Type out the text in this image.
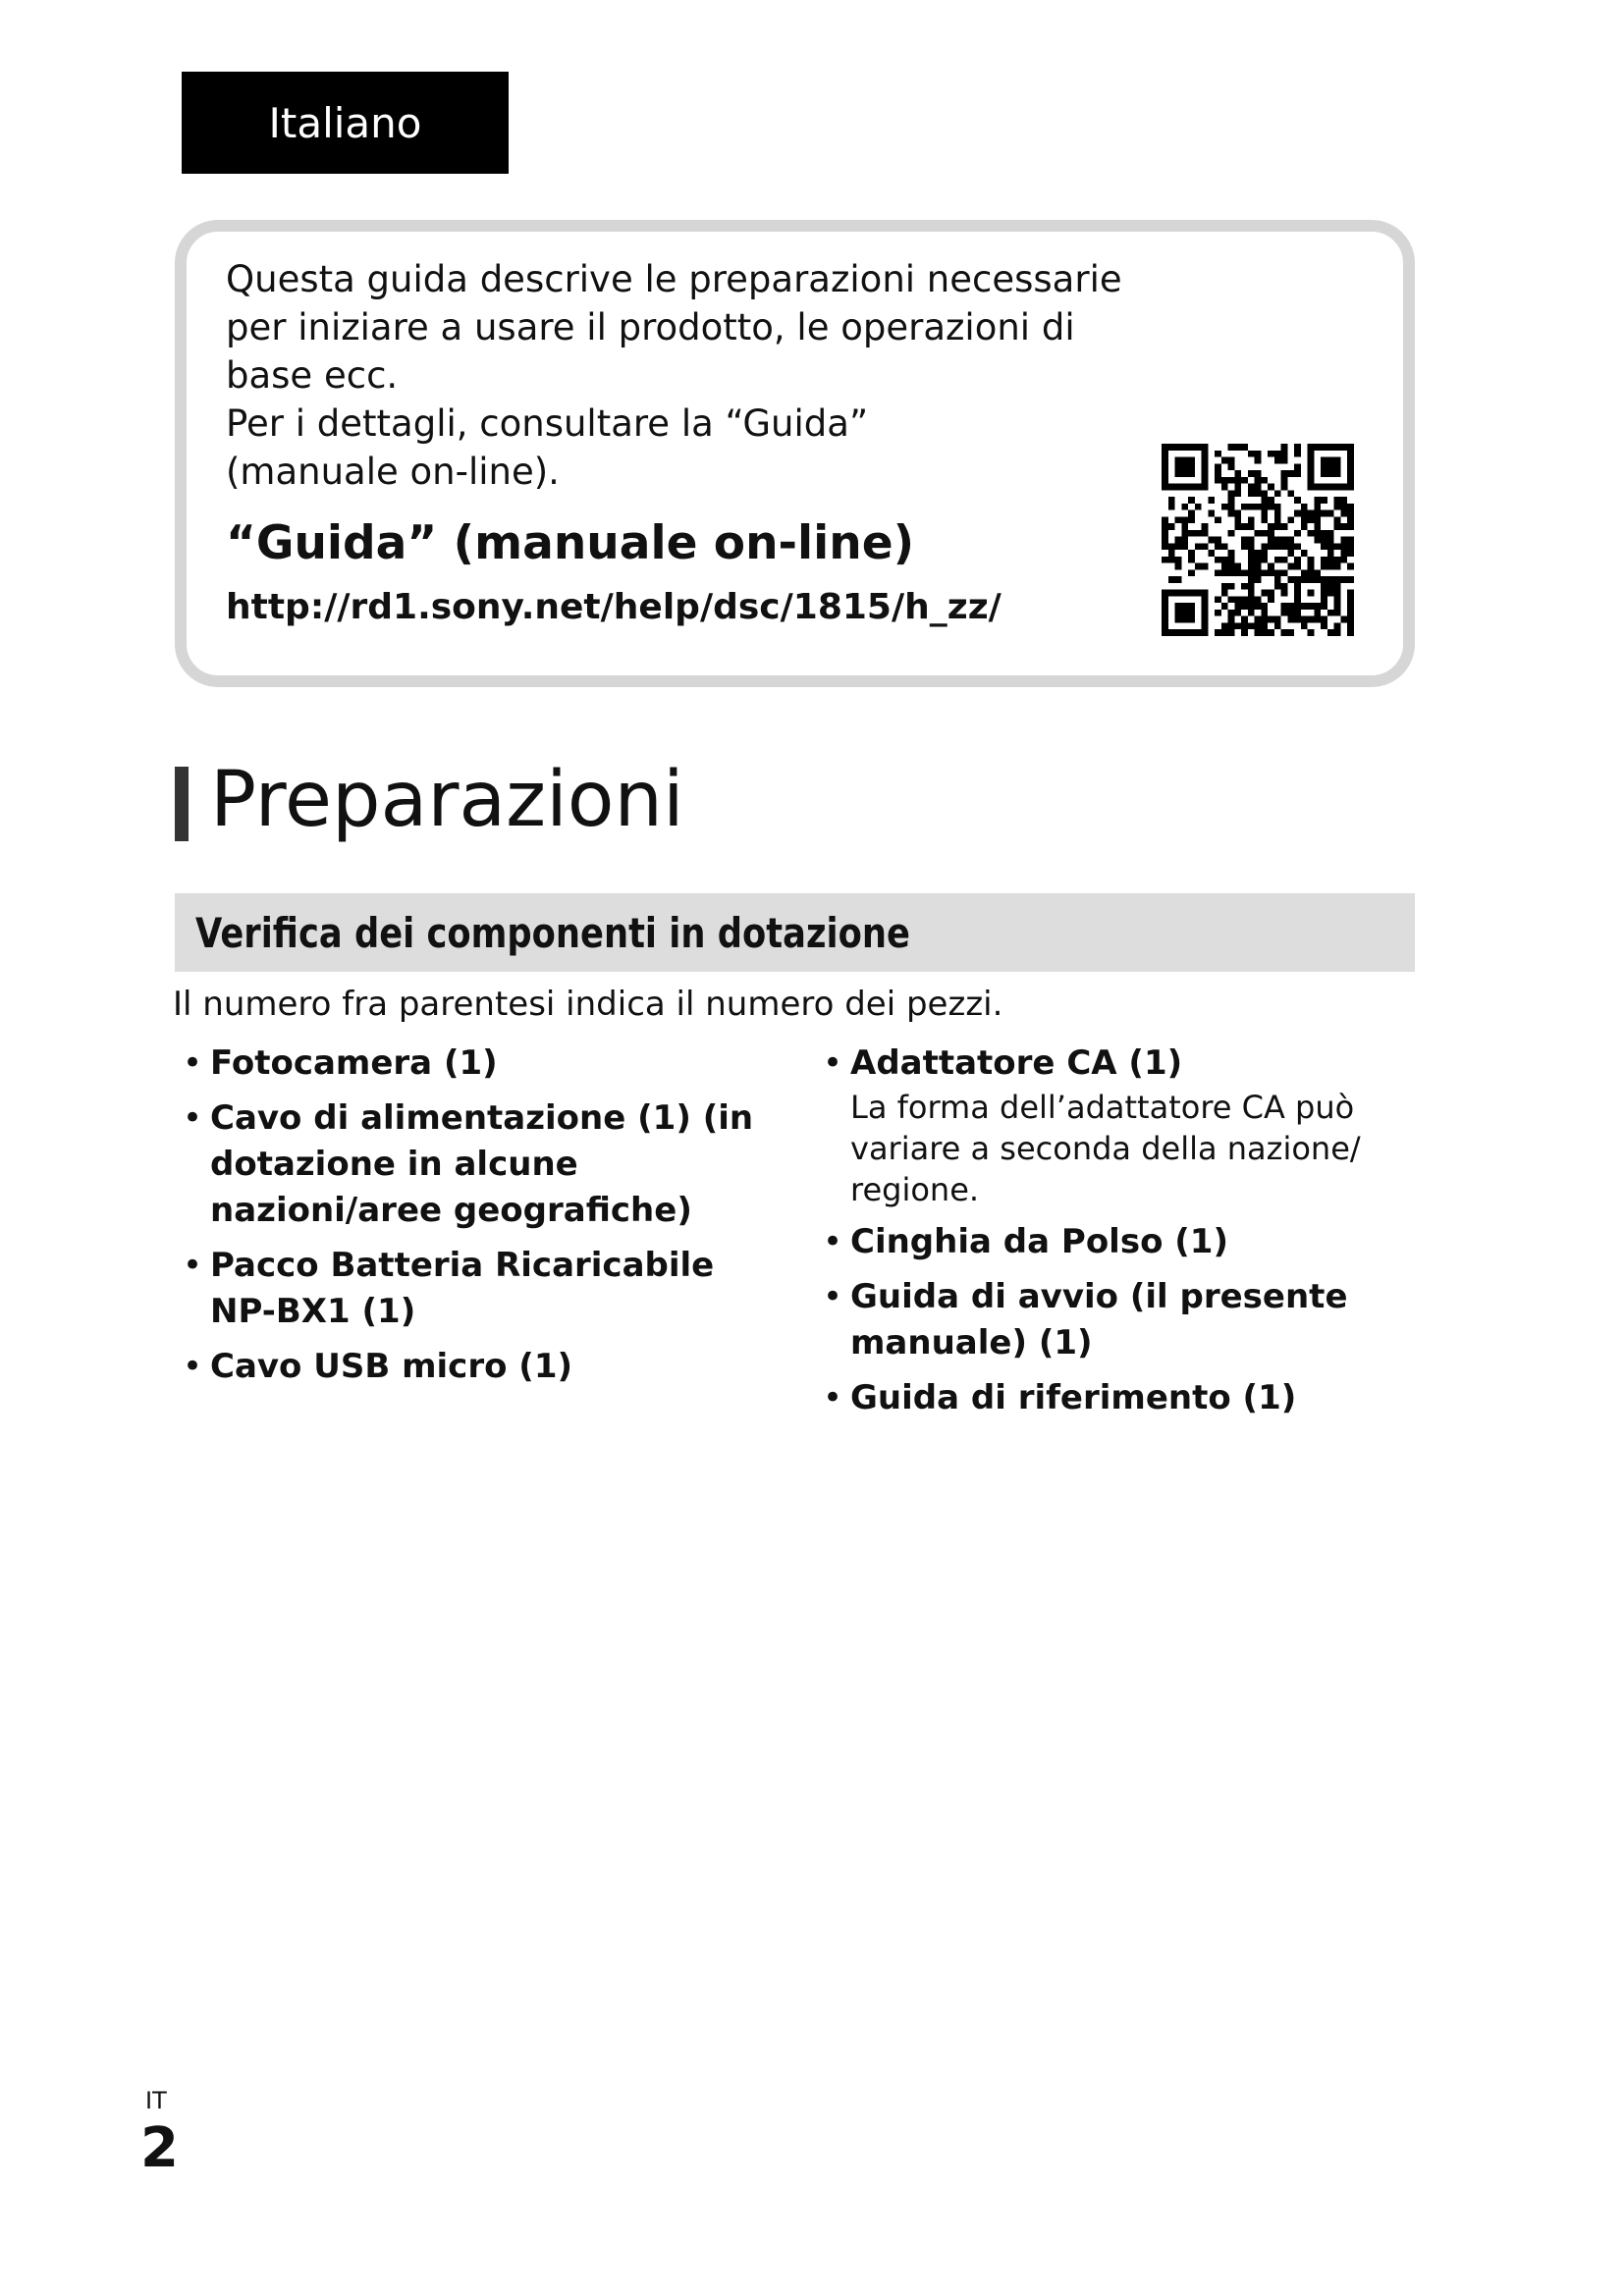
Italiano
Questa guida descrive le preparazioni necessarie
per iniziare a usare il prodotto, le operazioni di
base ecc.
Per i dettagli, consultare la “Guida”
(manuale on-line).
“Guida” (manuale on-line)
http://rd1.sony.net/help/dsc/1815/h_zz/
Preparazioni
Verifica dei componenti in dotazione
Il numero fra parentesi indica il numero dei pezzi.
• Fotocamera (1)
• Cavo di alimentazione (1) (in dotazione in alcune nazioni/aree geografiche)
• Pacco Batteria Ricaricabile NP-BX1 (1)
• Cavo USB micro (1)
• Adattatore CA (1)
La forma dell’adattatore CA può variare a seconda della nazione/ regione.
• Cinghia da Polso (1)
• Guida di avvio (il presente manuale) (1)
• Guida di riferimento (1)
IT
2
